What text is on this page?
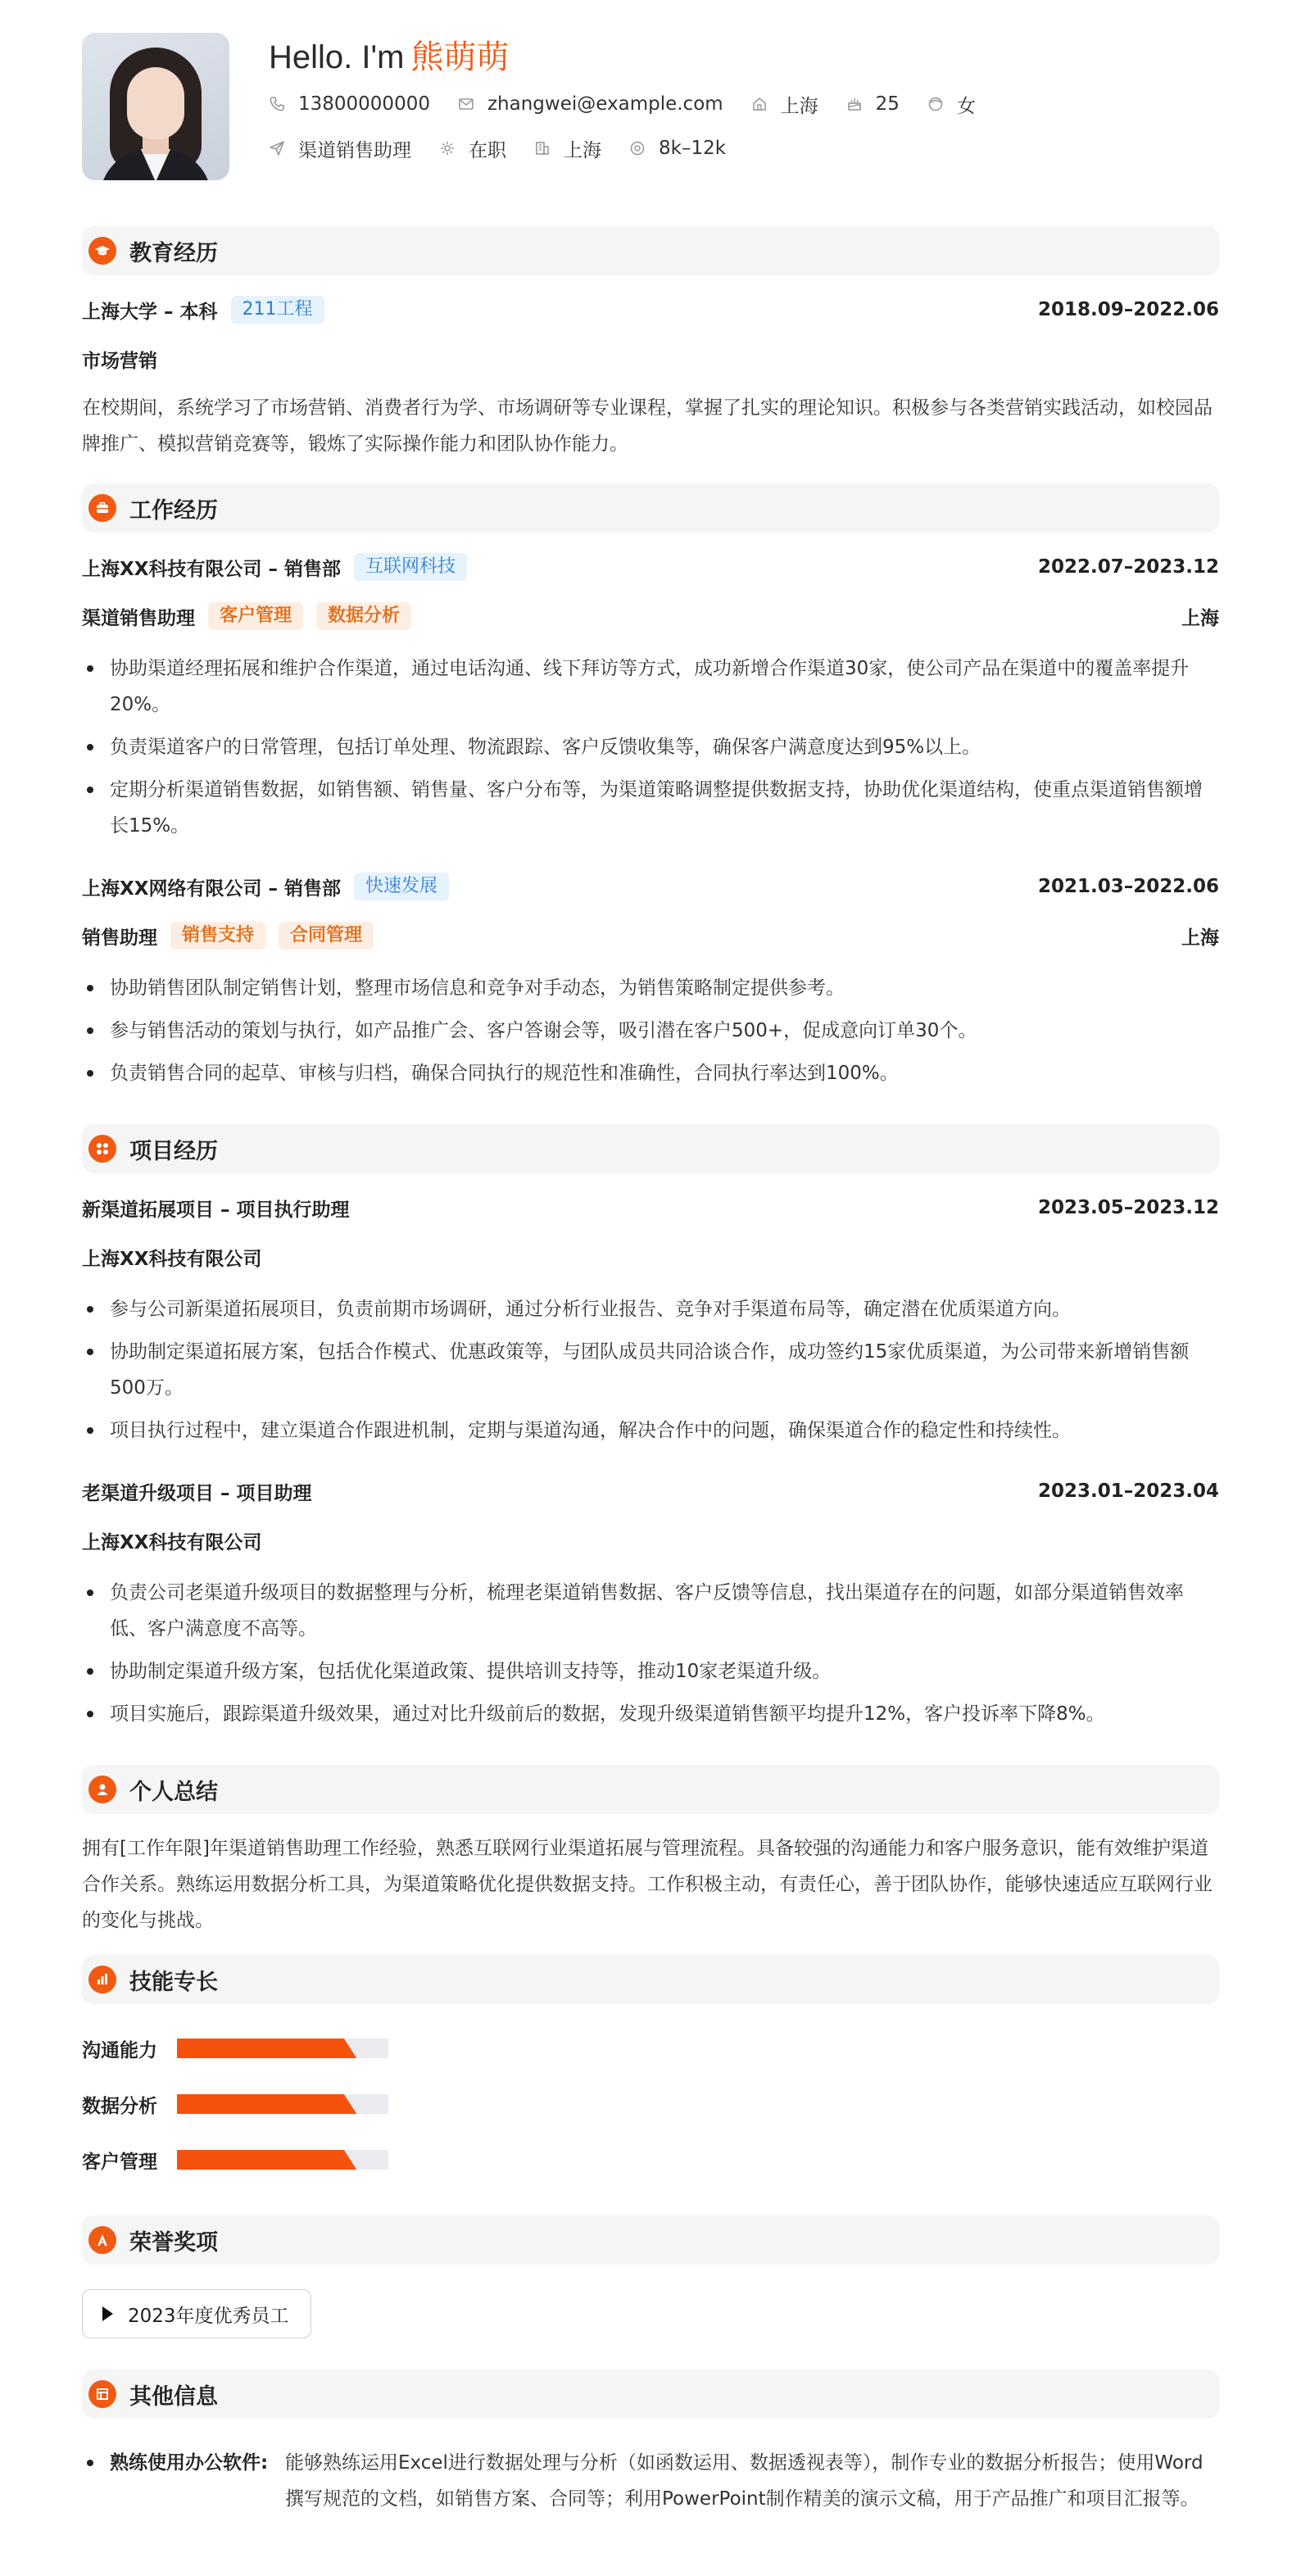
Hello. I'm 熊萌萌
13800000000	zhangwei@example.com	上海	25	女
渠道销售助理	在职	上海	8k–12k
教育经历
上海大学 – 本科	211工程	2018.09–2022.06
市场营销
在校期间，系统学习了市场营销、消费者行为学、市场调研等专业课程，掌握了扎实的理论知识。积极参与各类营销实践活动，如校园品牌推广、模拟营销竞赛等，锻炼了实际操作能力和团队协作能力。
工作经历
上海XX科技有限公司 – 销售部	互联网科技	2022.07–2023.12
渠道销售助理	客户管理	数据分析	上海
协助渠道经理拓展和维护合作渠道，通过电话沟通、线下拜访等方式，成功新增合作渠道30家，使公司产品在渠道中的覆盖率提升20%。
负责渠道客户的日常管理，包括订单处理、物流跟踪、客户反馈收集等，确保客户满意度达到95%以上。
定期分析渠道销售数据，如销售额、销售量、客户分布等，为渠道策略调整提供数据支持，协助优化渠道结构，使重点渠道销售额增长15%。
上海XX网络有限公司 – 销售部	快速发展	2021.03–2022.06
销售助理	销售支持	合同管理	上海
协助销售团队制定销售计划，整理市场信息和竞争对手动态，为销售策略制定提供参考。
参与销售活动的策划与执行，如产品推广会、客户答谢会等，吸引潜在客户500+，促成意向订单30个。
负责销售合同的起草、审核与归档，确保合同执行的规范性和准确性，合同执行率达到100%。
项目经历
新渠道拓展项目 – 项目执行助理	2023.05–2023.12
上海XX科技有限公司
参与公司新渠道拓展项目，负责前期市场调研，通过分析行业报告、竞争对手渠道布局等，确定潜在优质渠道方向。
协助制定渠道拓展方案，包括合作模式、优惠政策等，与团队成员共同洽谈合作，成功签约15家优质渠道，为公司带来新增销售额500万。
项目执行过程中，建立渠道合作跟进机制，定期与渠道沟通，解决合作中的问题，确保渠道合作的稳定性和持续性。
老渠道升级项目 – 项目助理	2023.01–2023.04
上海XX科技有限公司
负责公司老渠道升级项目的数据整理与分析，梳理老渠道销售数据、客户反馈等信息，找出渠道存在的问题，如部分渠道销售效率低、客户满意度不高等。
协助制定渠道升级方案，包括优化渠道政策、提供培训支持等，推动10家老渠道升级。
项目实施后，跟踪渠道升级效果，通过对比升级前后的数据，发现升级渠道销售额平均提升12%，客户投诉率下降8%。
个人总结
拥有[工作年限]年渠道销售助理工作经验，熟悉互联网行业渠道拓展与管理流程。具备较强的沟通能力和客户服务意识，能有效维护渠道合作关系。熟练运用数据分析工具，为渠道策略优化提供数据支持。工作积极主动，有责任心，善于团队协作，能够快速适应互联网行业的变化与挑战。
技能专长
沟通能力
数据分析
客户管理
荣誉奖项
2023年度优秀员工
其他信息
熟练使用办公软件: 能够熟练运用Excel进行数据处理与分析（如函数运用、数据透视表等），制作专业的数据分析报告；使用Word撰写规范的文档，如销售方案、合同等；利用PowerPoint制作精美的演示文稿，用于产品推广和项目汇报等。
